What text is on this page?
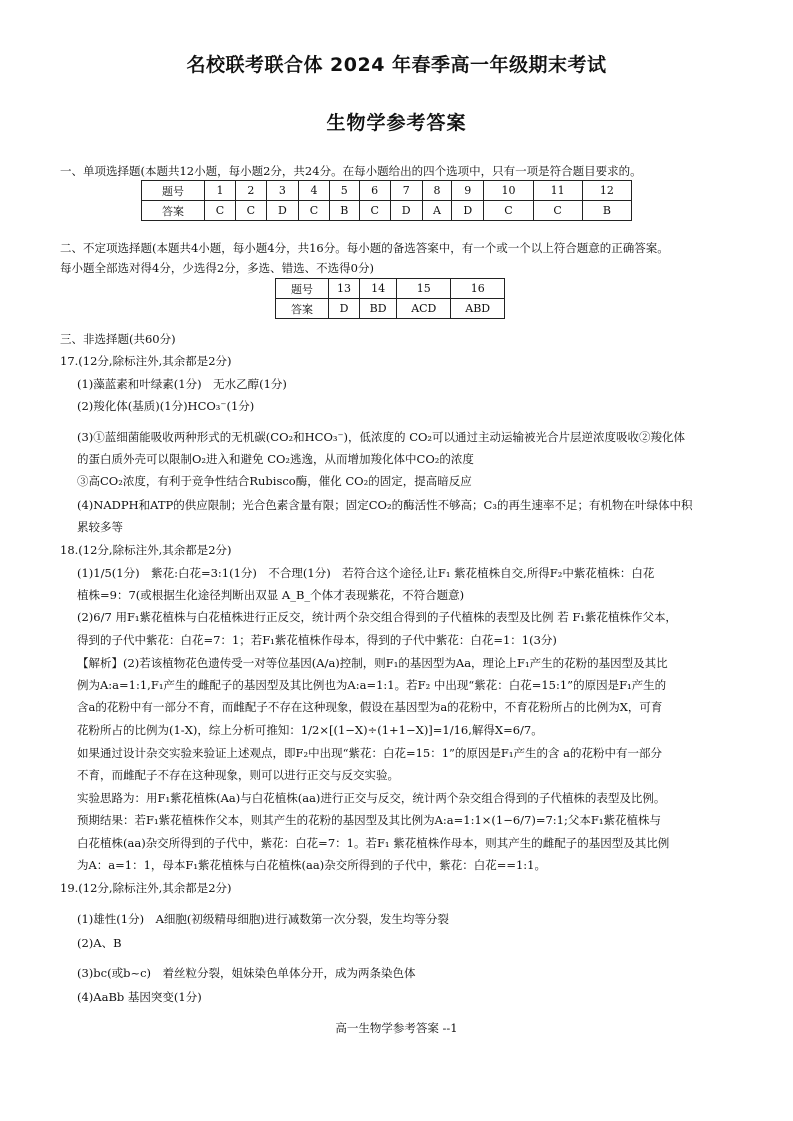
名校联考联合体 2024 年春季高一年级期末考试
生物学参考答案
一、单项选择题(本题共12小题，每小题2分，共24分。在每小题给出的四个选项中，只有一项是符合题目要求的。
题号	1	2	3	4	5	6	7	8	9	10	11	12
答案	C	C	D	C	B	C	D	A	D	C	C	B
二、不定项选择题(本题共4小题，每小题4分，共16分。每小题的备选答案中，有一个或一个以上符合题意的正确答案。
每小题全部选对得4分，少选得2分，多选、错选、不选得0分)
题号	13	14	15	16
答案	D	BD	ACD	ABD
三、非选择题(共60分)
17.(12分,除标注外,其余都是2分)
(1)藻蓝素和叶绿素(1分)　无水乙醇(1分)
(2)羧化体(基质)(1分)HCO₃⁻(1分)
(3)①蓝细菌能吸收两种形式的无机碳(CO₂和HCO₃⁻)，低浓度的 CO₂可以通过主动运输被光合片层逆浓度吸收②羧化体
的蛋白质外壳可以限制O₂进入和避免 CO₂逃逸，从而增加羧化体中CO₂的浓度
③高CO₂浓度，有利于竞争性结合Rubisco酶，催化 CO₂的固定，提高暗反应
(4)NADPH和ATP的供应限制；光合色素含量有限；固定CO₂的酶活性不够高；C₃的再生速率不足；有机物在叶绿体中积
累较多等
18.(12分,除标注外,其余都是2分)
(1)1/5(1分)　紫花:白花=3:1(1分)　不合理(1分)　若符合这个途径,让F₁ 紫花植株自交,所得F₂中紫花植株：白花
植株=9：7(或根据生化途径判断出双显 A_B_个体才表现紫花，不符合题意)
(2)6/7 用F₁紫花植株与白花植株进行正反交，统计两个杂交组合得到的子代植株的表型及比例 若 F₁紫花植株作父本，
得到的子代中紫花：白花=7：1；若F₁紫花植株作母本，得到的子代中紫花：白花=1：1(3分)
【解析】(2)若该植物花色遗传受一对等位基因(A/a)控制，则F₁的基因型为Aa，理论上F₁产生的花粉的基因型及其比
例为A:a=1:1,F₁产生的雌配子的基因型及其比例也为A:a=1:1。若F₂ 中出现“紫花：白花=15:1”的原因是F₁产生的
含a的花粉中有一部分不育，而雌配子不存在这种现象，假设在基因型为a的花粉中，不育花粉所占的比例为X，可育
花粉所占的比例为(1-X)，综上分析可推知：1/2×[(1−X)÷(1+1−X)]=1/16,解得X=6/7。
如果通过设计杂交实验来验证上述观点，即F₂中出现“紫花：白花=15：1”的原因是F₁产生的含 a的花粉中有一部分
不育，而雌配子不存在这种现象，则可以进行正交与反交实验。
实验思路为：用F₁紫花植株(Aa)与白花植株(aa)进行正交与反交，统计两个杂交组合得到的子代植株的表型及比例。
预期结果：若F₁紫花植株作父本，则其产生的花粉的基因型及其比例为A:a=1:1×(1−6/7)=7:1;父本F₁紫花植株与
白花植株(aa)杂交所得到的子代中，紫花：白花=7：1。若F₁ 紫花植株作母本，则其产生的雌配子的基因型及其比例
为A：a=1：1，母本F₁紫花植株与白花植株(aa)杂交所得到的子代中，紫花：白花==1:1。
19.(12分,除标注外,其余都是2分)
(1)雄性(1分)　A细胞(初级精母细胞)进行减数第一次分裂，发生均等分裂
(2)A、B
(3)bc(或b~c)　着丝粒分裂，姐妹染色单体分开，成为两条染色体
(4)AaBb 基因突变(1分)
高一生物学参考答案 --1
